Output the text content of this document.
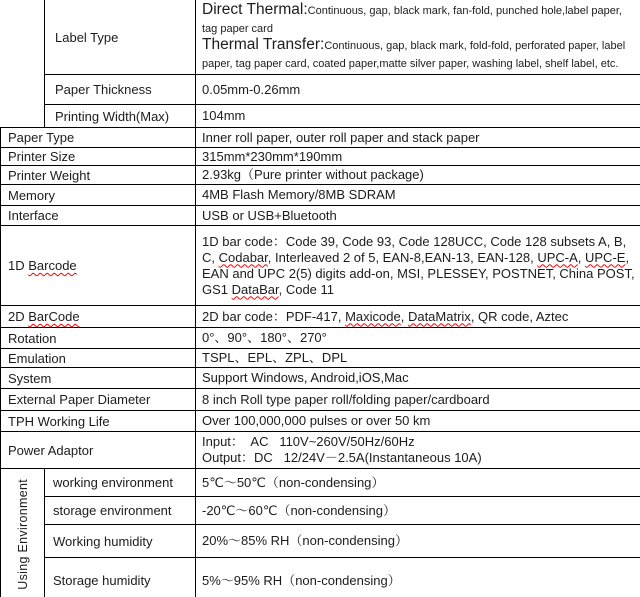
	Label Type	Direct Thermal:Continuous, gap, black mark, fan-fold, punched hole,label paper, tag paper card
Thermal Transfer:Continuous, gap, black mark, fold-fold, perforated paper, label paper, tag paper card, coated paper,matte silver paper, washing label, shelf label, etc.

	Paper Thickness	0.05mm-0.26mm
	Printing Width(Max)	104mm
Paper Type		Inner roll paper, outer roll paper and stack paper
Printer Size		315mm*230mm*190mm
Printer Weight		2.93kg（Pure printer without package)
Memory		4MB Flash Memory/8MB SDRAM
Interface		USB or USB+Bluetooth

1D Barcode		1D bar code：Code 39, Code 93, Code 128UCC, Code 128 subsets A, B, C, Codabar, Interleaved 2 of 5, EAN-8,EAN-13, EAN-128, UPC-A, UPC-E, EAN and UPC 2(5) digits add-on, MSI, PLESSEY, POSTNET, China POST, GS1 DataBar, Code 11

2D BarCode		2D bar code：PDF-417, Maxicode, DataMatrix, QR code, Aztec

Rotation		0°、90°、180°、270°
Emulation		TSPL、EPL、ZPL、DPL
System		Support Windows, Android,iOS,Mac
External Paper Diameter		8 inch Roll type paper roll/folding paper/cardboard
TPH Working Life		Over 100,000,000 pulses or over 50 km
Power Adaptor		Input：  AC   110V~260V/50Hz/60Hz
Output：DC   12/24V－2.5A(Instantaneous 10A)

Using Environment	working environment	5℃～50℃（non-condensing）
	storage environment	-20℃～60℃（non-condensing）
	Working humidity	20%～85% RH（non-condensing）
	Storage humidity	5%～95% RH（non-condensing）
